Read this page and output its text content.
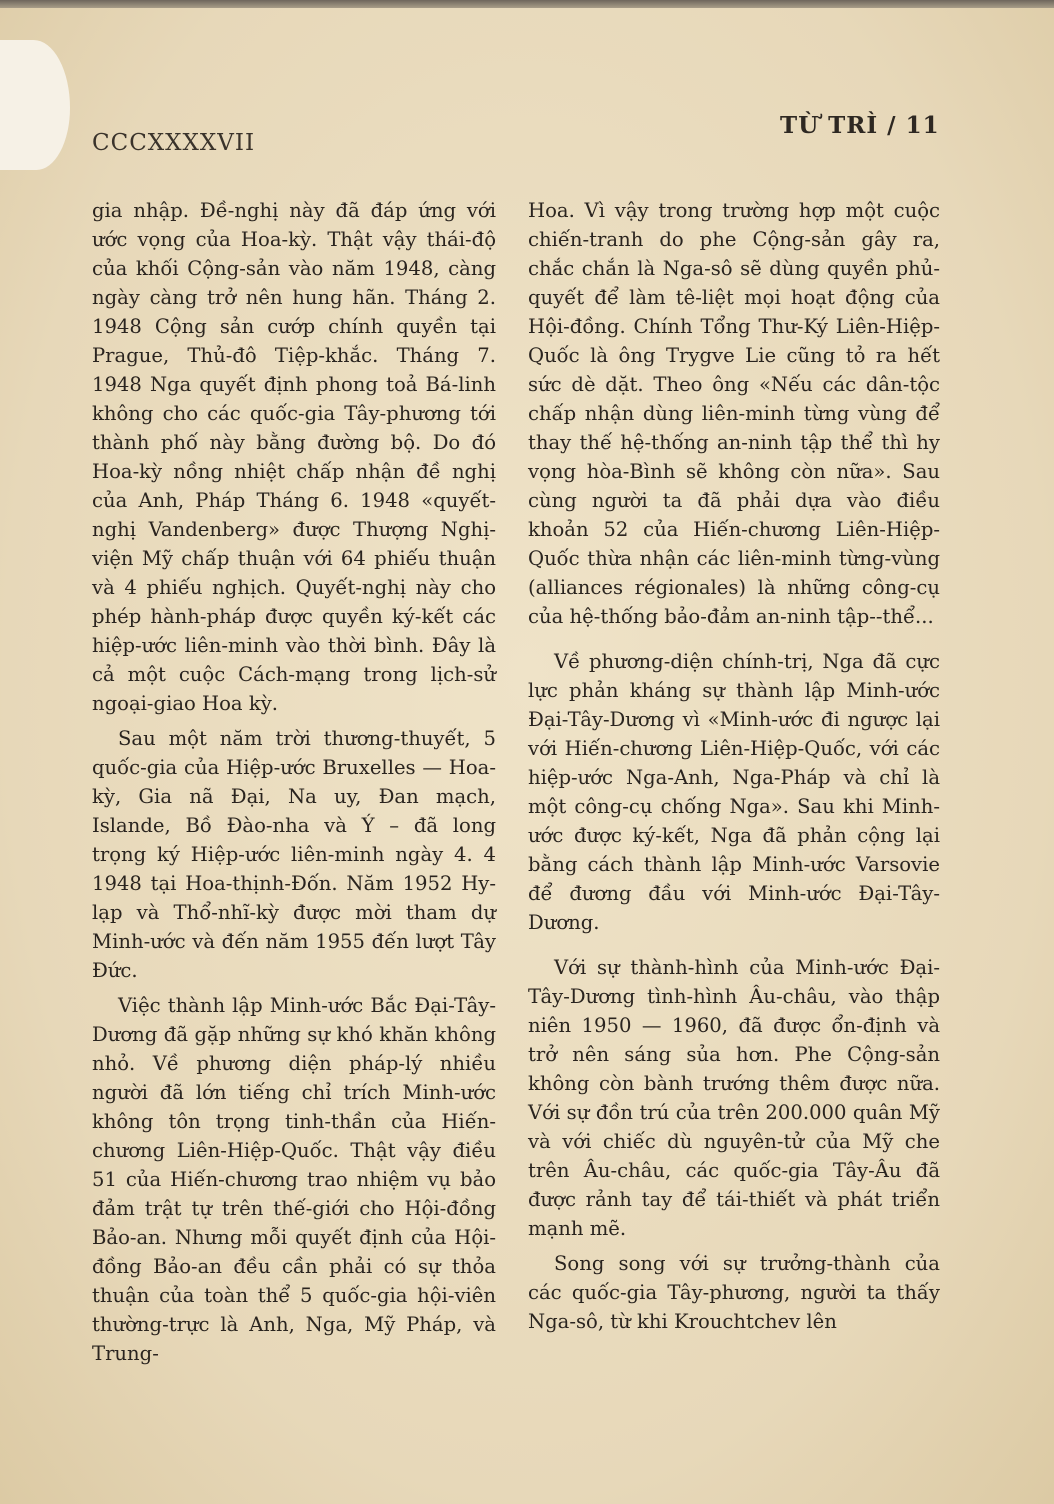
CCCXXXXVII
TỪ TRÌ / 11

gia nhập. Đề-nghị này đã đáp ứng với ước vọng của Hoa-kỳ. Thật vậy thái-độ của khối Cộng-sản vào năm 1948, càng ngày càng trở nên hung hãn. Tháng 2. 1948 Cộng sản cướp chính quyền tại Prague, Thủ-đô Tiệp-khắc. Tháng 7. 1948 Nga quyết định phong toả Bá-linh không cho các quốc-gia Tây-phương tới thành phố này bằng đường bộ. Do đó Hoa-kỳ nồng nhiệt chấp nhận đề nghị của Anh, Pháp Tháng 6. 1948 «quyết-nghị Vandenberg» được Thượng Nghị-viện Mỹ chấp thuận với 64 phiếu thuận và 4 phiếu nghịch. Quyết-nghị này cho phép hành-pháp được quyền ký-kết các hiệp-ước liên-minh vào thời bình. Đây là cả một cuộc Cách-mạng trong lịch-sử ngoại-giao Hoa kỳ.

Sau một năm trời thương-thuyết, 5 quốc-gia của Hiệp-ước Bruxelles — Hoa-kỳ, Gia nã Đại, Na uy, Đan mạch, Islande, Bồ Đào-nha và Ý – đã long trọng ký Hiệp-ước liên-minh ngày 4. 4 1948 tại Hoa-thịnh-Đốn. Năm 1952 Hy-lạp và Thổ-nhĩ-kỳ được mời tham dự Minh-ước và đến năm 1955 đến lượt Tây Đức.

Việc thành lập Minh-ước Bắc Đại-Tây-Dương đã gặp những sự khó khăn không nhỏ. Về phương diện pháp-lý nhiều người đã lớn tiếng chỉ trích Minh-ước không tôn trọng tinh-thần của Hiến-chương Liên-Hiệp-Quốc. Thật vậy điều 51 của Hiến-chương trao nhiệm vụ bảo đảm trật tự trên thế-giới cho Hội-đồng Bảo-an. Nhưng mỗi quyết định của Hội-đồng Bảo-an đều cần phải có sự thỏa thuận của toàn thể 5 quốc-gia hội-viên thường-trực là Anh, Nga, Mỹ Pháp, và Trung-

Hoa. Vì vậy trong trường hợp một cuộc chiến-tranh do phe Cộng-sản gây ra, chắc chắn là Nga-sô sẽ dùng quyền phủ-quyết để làm tê-liệt mọi hoạt động của Hội-đồng. Chính Tổng Thư-Ký Liên-Hiệp-Quốc là ông Trygve Lie cũng tỏ ra hết sức dè dặt. Theo ông «Nếu các dân-tộc chấp nhận dùng liên-minh từng vùng để thay thế hệ-thống an-ninh tập thể thì hy vọng hòa-Bình sẽ không còn nữa». Sau cùng người ta đã phải dựa vào điều khoản 52 của Hiến-chương Liên-Hiệp-Quốc thừa nhận các liên-minh từng-vùng (alliances régionales) là những công-cụ của hệ-thống bảo-đảm an-ninh tập--thể...

Về phương-diện chính-trị, Nga đã cực lực phản kháng sự thành lập Minh-ước Đại-Tây-Dương vì «Minh-ước đi ngược lại với Hiến-chương Liên-Hiệp-Quốc, với các hiệp-ước Nga-Anh, Nga-Pháp và chỉ là một công-cụ chống Nga». Sau khi Minh-ước được ký-kết, Nga đã phản cộng lại bằng cách thành lập Minh-ước Varsovie để đương đầu với Minh-ước Đại-Tây-Dương.

Với sự thành-hình của Minh-ước Đại-Tây-Dương tình-hình Âu-châu, vào thập niên 1950 — 1960, đã được ổn-định và trở nên sáng sủa hơn. Phe Cộng-sản không còn bành trướng thêm được nữa. Với sự đồn trú của trên 200.000 quân Mỹ và với chiếc dù nguyên-tử của Mỹ che trên Âu-châu, các quốc-gia Tây-Âu đã được rảnh tay để tái-thiết và phát triển mạnh mẽ.

Song song với sự trưởng-thành của các quốc-gia Tây-phương, người ta thấy Nga-sô, từ khi Krouchtchev lên
